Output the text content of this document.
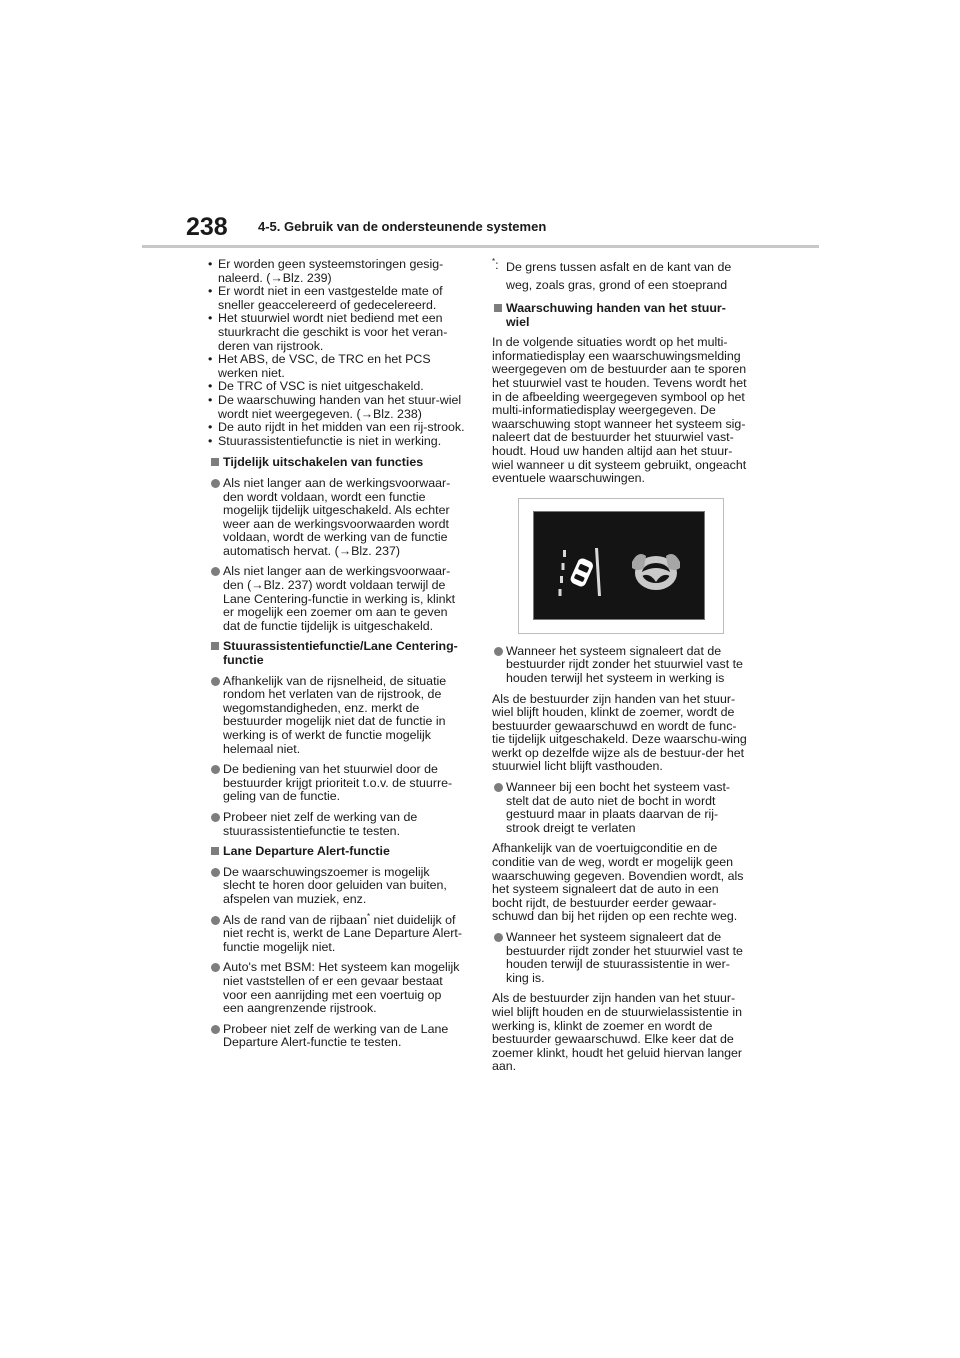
238 4-5. Gebruik van de ondersteunende systemen
• Er worden geen systeemstoringen gesig-naleerd. (→Blz. 239)
• Er wordt niet in een vastgestelde mate of sneller geaccelereerd of gedecelereerd.
• Het stuurwiel wordt niet bediend met een stuurkracht die geschikt is voor het veran-deren van rijstrook.
• Het ABS, de VSC, de TRC en het PCS werken niet.
• De TRC of VSC is niet uitgeschakeld.
• De waarschuwing handen van het stuur-wiel wordt niet weergegeven. (→Blz. 238)
• De auto rijdt in het midden van een rij-strook.
• Stuurassistentiefunctie is niet in werking.
Tijdelijk uitschakelen van functies
Als niet langer aan de werkingsvoorwaar-den wordt voldaan, wordt een functie mogelijk tijdelijk uitgeschakeld. Als echter weer aan de werkingsvoorwaarden wordt voldaan, wordt de werking van de functie automatisch hervat. (→Blz. 237)
Als niet langer aan de werkingsvoorwaar-den (→Blz. 237) wordt voldaan terwijl de Lane Centering-functie in werking is, klinkt er mogelijk een zoemer om aan te geven dat de functie tijdelijk is uitgeschakeld.
Stuurassistentiefunctie/Lane Centering-functie
Afhankelijk van de rijsnelheid, de situatie rondom het verlaten van de rijstrook, de wegomstandigheden, enz. merkt de bestuurder mogelijk niet dat de functie in werking is of werkt de functie mogelijk helemaal niet.
De bediening van het stuurwiel door de bestuurder krijgt prioriteit t.o.v. de stuurre-geling van de functie.
Probeer niet zelf de werking van de stuurassistentiefunctie te testen.
Lane Departure Alert-functie
De waarschuwingszoemer is mogelijk slecht te horen door geluiden van buiten, afspelen van muziek, enz.
Als de rand van de rijbaan* niet duidelijk of niet recht is, werkt de Lane Departure Alert-functie mogelijk niet.
Auto's met BSM: Het systeem kan mogelijk niet vaststellen of er een gevaar bestaat voor een aanrijding met een voertuig op een aangrenzende rijstrook.
Probeer niet zelf de werking van de Lane Departure Alert-functie te testen.
*: De grens tussen asfalt en de kant van de weg, zoals gras, grond of een stoeprand
Waarschuwing handen van het stuur-wiel

In de volgende situaties wordt op het multi-informatiedisplay een waarschuwingsmelding weergegeven om de bestuurder aan te sporen het stuurwiel vast te houden. Tevens wordt het in de afbeelding weergegeven symbool op het multi-informatiedisplay weergegeven. De waarschuwing stopt wanneer het systeem sig-naleert dat de bestuurder het stuurwiel vast-houdt. Houd uw handen altijd aan het stuur-wiel wanneer u dit systeem gebruikt, ongeacht eventuele waarschuwingen.

Wanneer het systeem signaleert dat de bestuurder rijdt zonder het stuurwiel vast te houden terwijl het systeem in werking is

Als de bestuurder zijn handen van het stuur-wiel blijft houden, klinkt de zoemer, wordt de bestuurder gewaarschuwd en wordt de func-tie tijdelijk uitgeschakeld. Deze waarschu-wing werkt op dezelfde wijze als de bestuur-der het stuurwiel licht blijft vasthouden.

Wanneer bij een bocht het systeem vast-stelt dat de auto niet de bocht in wordt gestuurd maar in plaats daarvan de rij-strook dreigt te verlaten

Afhankelijk van de voertuigconditie en de conditie van de weg, wordt er mogelijk geen waarschuwing gegeven. Bovendien wordt, als het systeem signaleert dat de auto in een bocht rijdt, de bestuurder eerder gewaar-schuwd dan bij het rijden op een rechte weg.

Wanneer het systeem signaleert dat de bestuurder rijdt zonder het stuurwiel vast te houden terwijl de stuurassistentie in wer-king is.

Als de bestuurder zijn handen van het stuur-wiel blijft houden en de stuurwielassistentie in werking is, klinkt de zoemer en wordt de bestuurder gewaarschuwd. Elke keer dat de zoemer klinkt, houdt het geluid hiervan langer aan.
